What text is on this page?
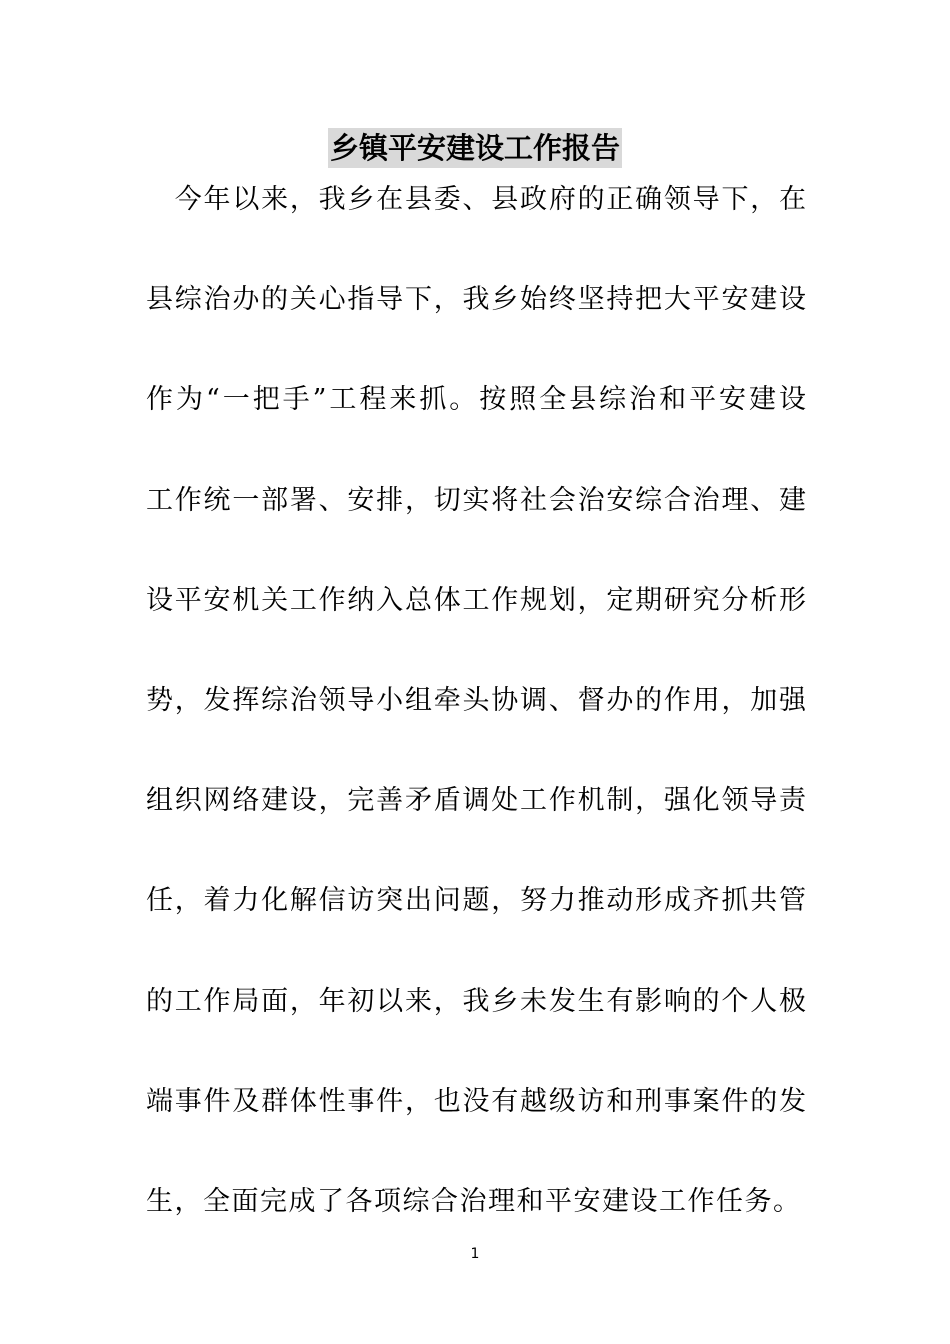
乡镇平安建设工作报告
　今年以来，我乡在县委、县政府的正确领导下，在
县综治办的关心指导下，我乡始终坚持把大平安建设
作为“一把手”工程来抓。按照全县综治和平安建设
工作统一部署、安排，切实将社会治安综合治理、建
设平安机关工作纳入总体工作规划，定期研究分析形
势，发挥综治领导小组牵头协调、督办的作用，加强
组织网络建设，完善矛盾调处工作机制，强化领导责
任，着力化解信访突出问题，努力推动形成齐抓共管
的工作局面，年初以来，我乡未发生有影响的个人极
端事件及群体性事件，也没有越级访和刑事案件的发
生，全面完成了各项综合治理和平安建设工作任务。
1
